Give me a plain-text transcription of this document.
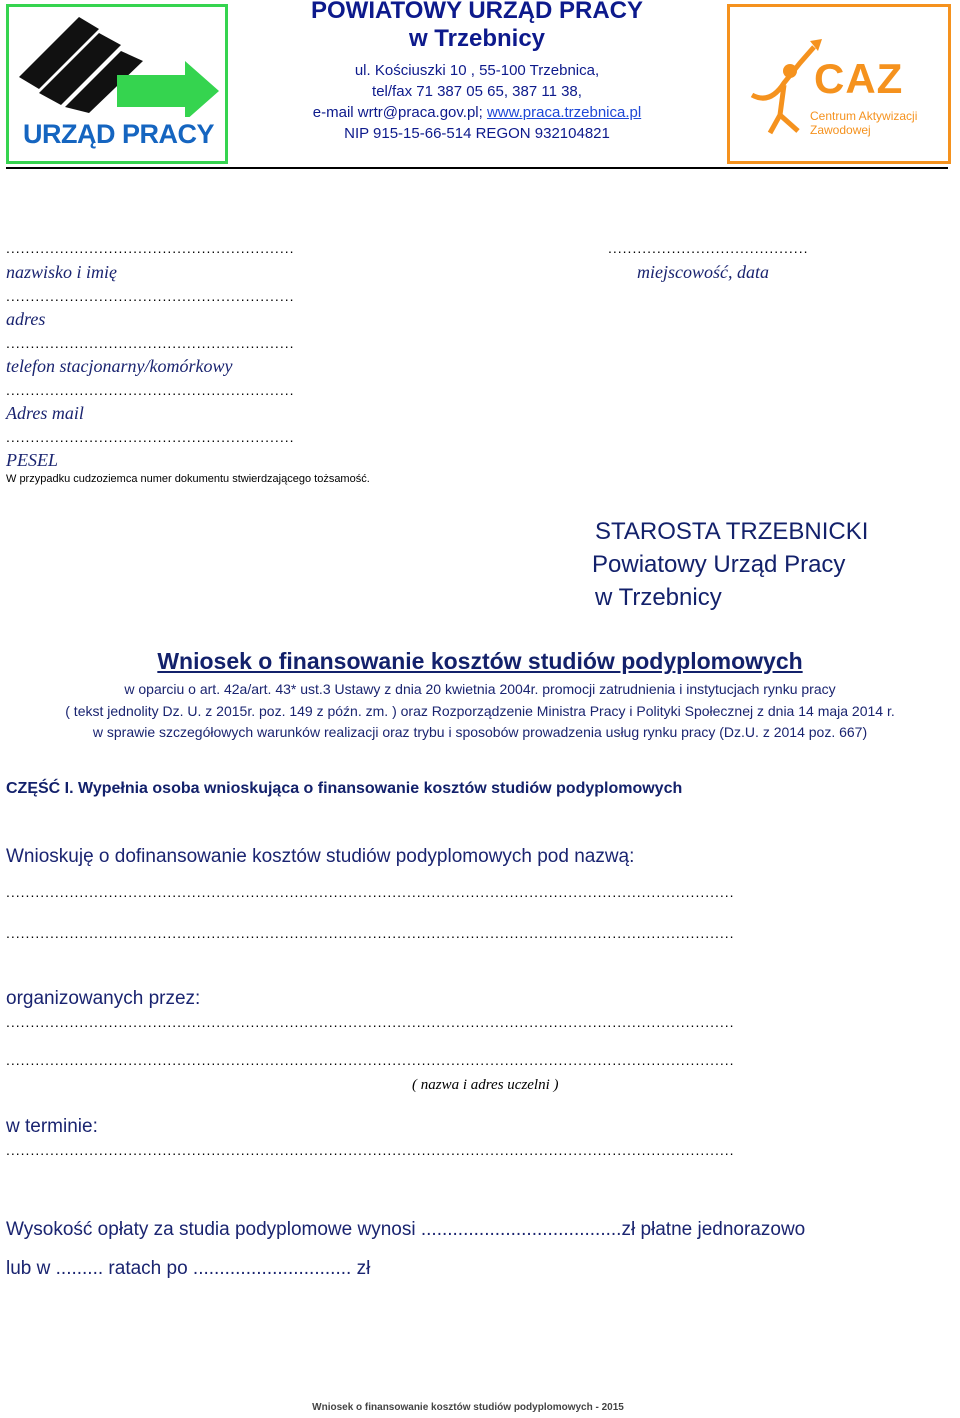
URZĄD PRACY
POWIATOWY URZĄD PRACY
w Trzebnicy
ul. Kościuszki 10 , 55-100 Trzebnica,
tel/fax 71 387 05 65, 387 11 38,
e-mail wrtr@praca.gov.pl; www.praca.trzebnica.pl
NIP 915-15-66-514 REGON 932104821
CAZ
Centrum Aktywizacji Zawodowej
...........................................................
nazwisko i imię
.........................................
miejscowość, data
...........................................................
adres
...........................................................
telefon stacjonarny/komórkowy
...........................................................
Adres mail
...........................................................
PESEL
W przypadku cudzoziemca numer dokumentu stwierdzającego tożsamość.
STAROSTA TRZEBNICKI
Powiatowy Urząd Pracy
w Trzebnicy
Wniosek o finansowanie kosztów studiów podyplomowych
w oparciu o art. 42a/art. 43* ust.3 Ustawy z dnia 20 kwietnia 2004r. promocji zatrudnienia i instytucjach rynku pracy
( tekst jednolity Dz. U. z 2015r. poz. 149 z późn. zm. ) oraz Rozporządzenie Ministra Pracy i Polityki Społecznej z dnia 14 maja 2014 r.
w sprawie szczegółowych warunków realizacji oraz trybu i sposobów prowadzenia usług rynku pracy (Dz.U. z 2014 poz. 667)
CZĘŚĆ I. Wypełnia osoba wnioskująca o finansowanie kosztów studiów podyplomowych
Wnioskuję o dofinansowanie kosztów studiów podyplomowych pod nazwą:
.....................................................................................................................................................
.....................................................................................................................................................
organizowanych przez:
.....................................................................................................................................................
.....................................................................................................................................................
( nazwa i adres uczelni )
w terminie:
.....................................................................................................................................................
Wysokość opłaty za studia podyplomowe wynosi ......................................zł płatne jednorazowo
lub w ......... ratach po .............................. zł
Wniosek o finansowanie kosztów studiów podyplomowych - 2015
